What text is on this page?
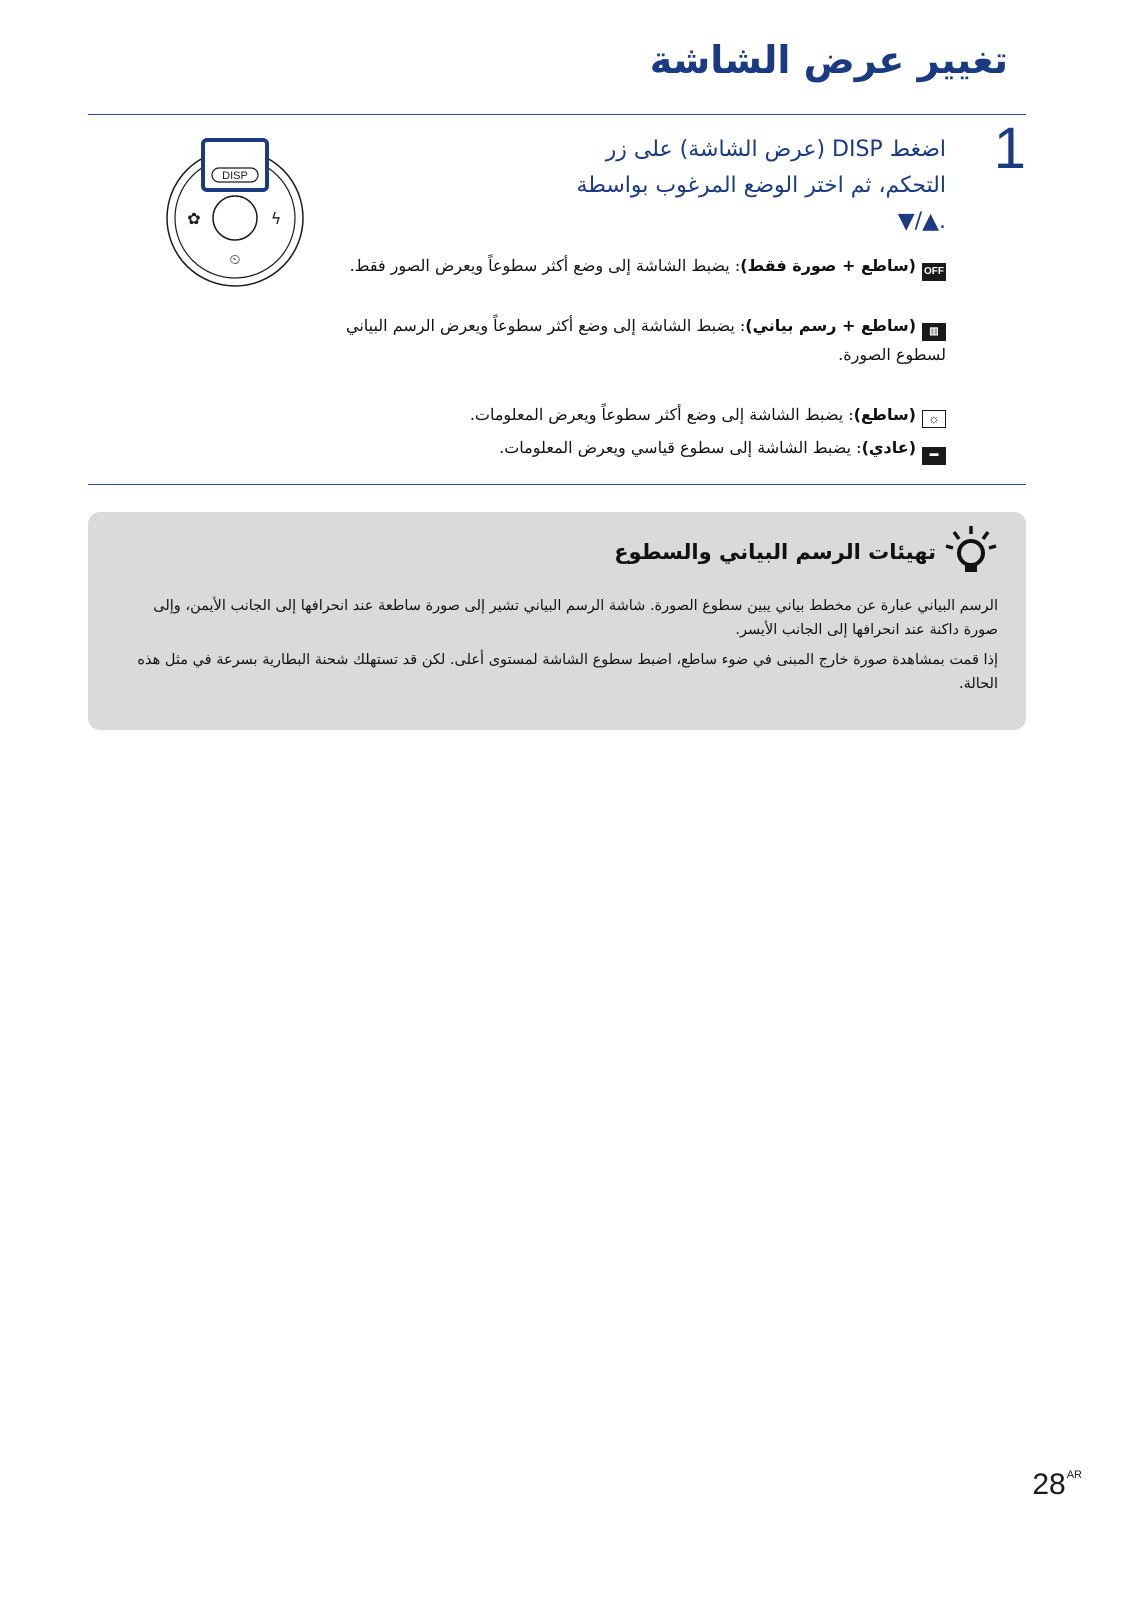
تغيير عرض الشاشة
1
اضغط DISP (عرض الشاشة) على زر
التحكم، ثم اختر الوضع المرغوب بواسطة
.▲/▼
DISP
✿	ϟ
⏲
OFF(ساطع + صورة فقط): يضبط الشاشة إلى وضع أكثر سطوعاً ويعرض الصور فقط.
▥(ساطع + رسم بياني): يضبط الشاشة إلى وضع أكثر سطوعاً ويعرض الرسم البياني لسطوع الصورة.
☼(ساطع): يضبط الشاشة إلى وضع أكثر سطوعاً ويعرض المعلومات.
▬(عادي): يضبط الشاشة إلى سطوع قياسي ويعرض المعلومات.
تهيئات الرسم البياني والسطوع
الرسم البياني عبارة عن مخطط بياني يبين سطوع الصورة. شاشة الرسم البياني تشير إلى صورة ساطعة عند انحرافها إلى الجانب الأيمن، وإلى صورة داكنة عند انحرافها إلى الجانب الأيسر.
إذا قمت بمشاهدة صورة خارج المبنى في ضوء ساطع، اضبط سطوع الشاشة لمستوى أعلى. لكن قد تستهلك شحنة البطارية بسرعة في مثل هذه الحالة.
$28^{AR}$
